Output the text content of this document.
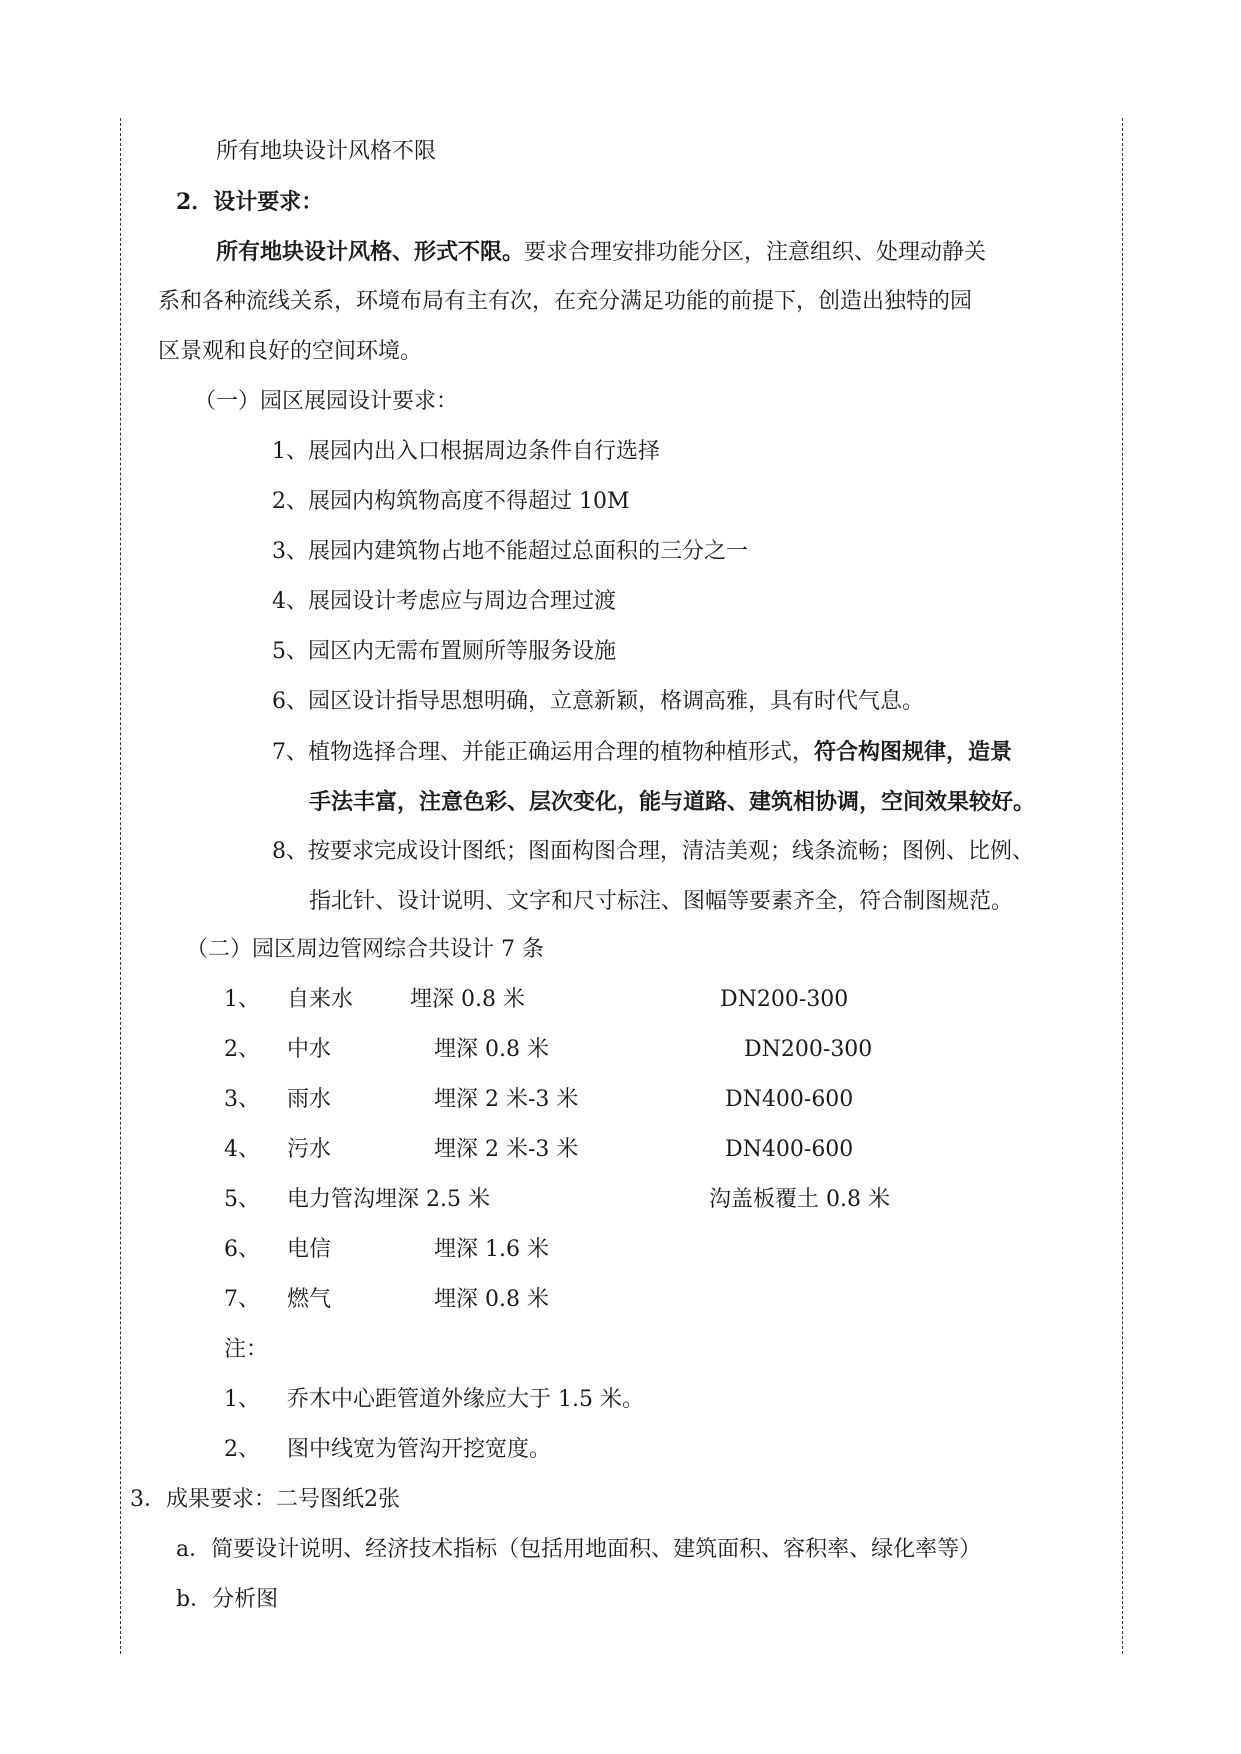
所有地块设计风格不限
2．设计要求：
所有地块设计风格、形式不限。要求合理安排功能分区，注意组织、处理动静关
系和各种流线关系，环境布局有主有次，在充分满足功能的前提下，创造出独特的园
区景观和良好的空间环境。
（一）园区展园设计要求：
1、展园内出入口根据周边条件自行选择
2、展园内构筑物高度不得超过 10M
3、展园内建筑物占地不能超过总面积的三分之一
4、展园设计考虑应与周边合理过渡
5、园区内无需布置厕所等服务设施
6、园区设计指导思想明确，立意新颖，格调高雅，具有时代气息。
7、植物选择合理、并能正确运用合理的植物种植形式，符合构图规律，造景
手法丰富，注意色彩、层次变化，能与道路、建筑相协调，空间效果较好。
8、按要求完成设计图纸；图面构图合理，清洁美观；线条流畅；图例、比例、
指北针、设计说明、文字和尺寸标注、图幅等要素齐全，符合制图规范。
（二）园区周边管网综合共设计 7 条
1、 自来水	埋深 0.8 米	DN200-300
2、 中水	埋深 0.8 米	DN200-300
3、 雨水	埋深 2 米-3 米	DN400-600
4、 污水	埋深 2 米-3 米	DN400-600
5、 电力管沟埋深 2.5 米	沟盖板覆土 0.8 米
6、 电信	埋深 1.6 米
7、 燃气	埋深 0.8 米
注：
1、 乔木中心距管道外缘应大于 1.5 米。
2、 图中线宽为管沟开挖宽度。
3．成果要求：二号图纸2张
a．简要设计说明、经济技术指标（包括用地面积、建筑面积、容积率、绿化率等）
b．分析图
